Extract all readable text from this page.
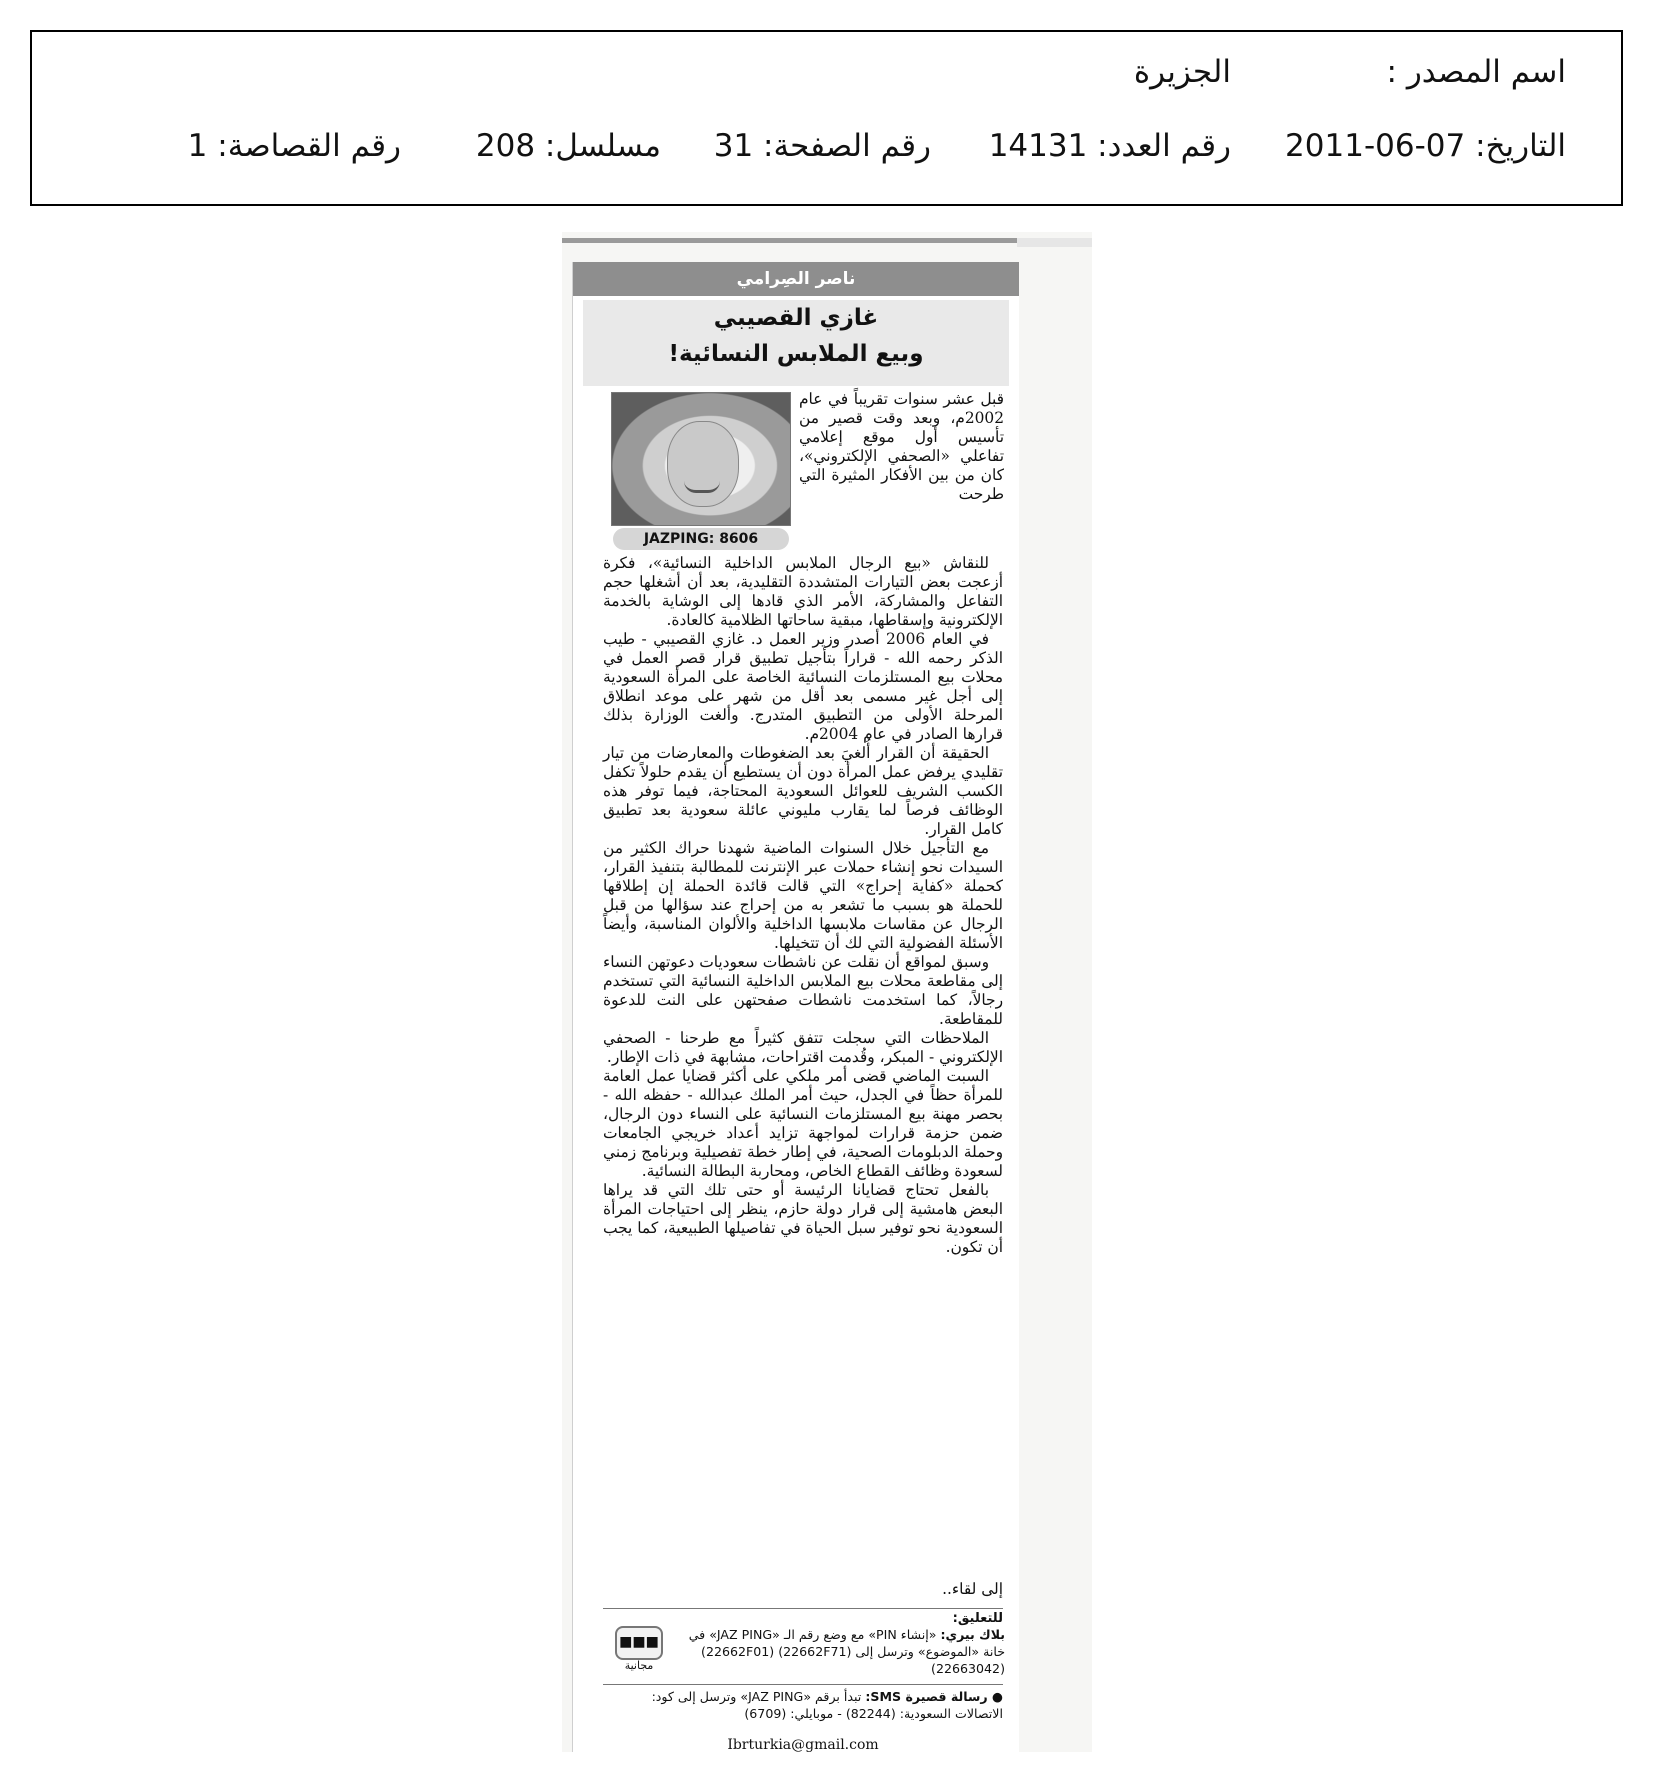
اسم المصدر :
الجزيرة
التاريخ: 07-06-2011
رقم العدد: 14131
رقم الصفحة: 31
مسلسل: 208
رقم القصاصة: 1
ناصر الصِرامي
غازي القصيبي
وبيع الملابس النسائية!
JAZPING: 8606
قبل عشر سنوات تقريباً في عام 2002م، وبعد وقت قصير من تأسيس أول موقع إعلامي تفاعلي «الصحفي الإلكتروني»، كان من بين الأفكار المثيرة التي طرحت

للنقاش «بيع الرجال الملابس الداخلية النسائية»، فكرة أزعجت بعض التيارات المتشددة التقليدية، بعد أن أشغلها حجم التفاعل والمشاركة، الأمر الذي قادها إلى الوشاية بالخدمة الإلكترونية وإسقاطها، مبقية ساحاتها الظلامية كالعادة.

في العام 2006 أصدر وزير العمل د. غازي القصيبي - طيب الذكر رحمه الله - قراراً بتأجيل تطبيق قرار قصر العمل في محلات بيع المستلزمات النسائية الخاصة على المرأة السعودية إلى أجل غير مسمى بعد أقل من شهر على موعد انطلاق المرحلة الأولى من التطبيق المتدرج. وألغت الوزارة بذلك قرارها الصادر في عام 2004م.

الحقيقة أن القرار أُلغيَ بعد الضغوطات والمعارضات من تيار تقليدي يرفض عمل المرأة دون أن يستطيع أن يقدم حلولاً تكفل الكسب الشريف للعوائل السعودية المحتاجة، فيما توفر هذه الوظائف فرصاً لما يقارب مليوني عائلة سعودية بعد تطبيق كامل القرار.

مع التأجيل خلال السنوات الماضية شهدنا حراك الكثير من السيدات نحو إنشاء حملات عبر الإنترنت للمطالبة بتنفيذ القرار، كحملة «كفاية إحراج» التي قالت قائدة الحملة إن إطلاقها للحملة هو بسبب ما تشعر به من إحراج عند سؤالها من قبل الرجال عن مقاسات ملابسها الداخلية والألوان المناسبة، وأيضاً الأسئلة الفضولية التي لك أن تتخيلها.

وسبق لمواقع أن نقلت عن ناشطات سعوديات دعوتهن النساء إلى مقاطعة محلات بيع الملابس الداخلية النسائية التي تستخدم رجالاً، كما استخدمت ناشطات صفحتهن على النت للدعوة للمقاطعة.

الملاحظات التي سجلت تتفق كثيراً مع طرحنا - الصحفي الإلكتروني - المبكر، وقُدمت اقتراحات، مشابهة في ذات الإطار.

السبت الماضي قضى أمر ملكي على أكثر قضايا عمل العامة للمرأة حظاً في الجدل، حيث أمر الملك عبدالله - حفظه الله - بحصر مهنة بيع المستلزمات النسائية على النساء دون الرجال، ضمن حزمة قرارات لمواجهة تزايد أعداد خريجي الجامعات وحملة الدبلومات الصحية، في إطار خطة تفصيلية وبرنامج زمني لسعودة وظائف القطاع الخاص، ومحاربة البطالة النسائية.

بالفعل تحتاج قضايانا الرئيسة أو حتى تلك التي قد يراها البعض هامشية إلى قرار دولة حازم، ينظر إلى احتياجات المرأة السعودية نحو توفير سبل الحياة في تفاصيلها الطبيعية، كما يجب أن تكون.

إلى لقاء..
للتعليق:
■■■
مجانية
بلاك بيري: «إنشاء PIN» مع وضع رقم الـ «JAZ PING» في خانة «الموضوع» وترسل إلى (22662F71) (22662F01) (22663042)
● رسالة قصيرة SMS: تبدأ برقم «JAZ PING» وترسل إلى كود: الاتصالات السعودية: (82244) - موبايلي: (6709)
Ibrturkia@gmail.com
